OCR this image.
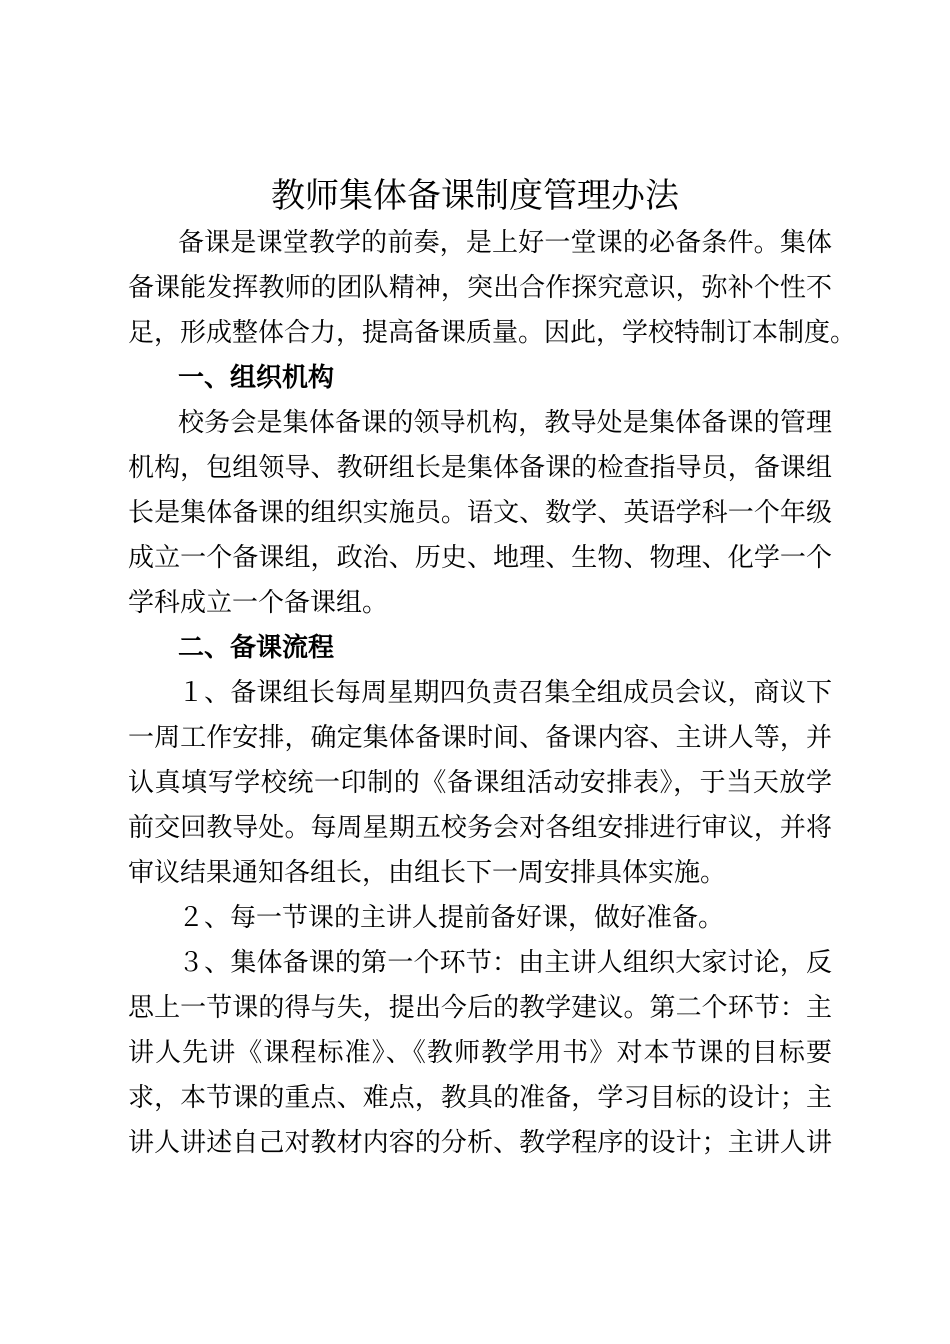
教师集体备课制度管理办法
备课是课堂教学的前奏，是上好一堂课的必备条件。集体
备课能发挥教师的团队精神，突出合作探究意识，弥补个性不
足，形成整体合力，提高备课质量。因此，学校特制订本制度。
一、组织机构
校务会是集体备课的领导机构，教导处是集体备课的管理
机构，包组领导、教研组长是集体备课的检查指导员，备课组
长是集体备课的组织实施员。语文、数学、英语学科一个年级
成立一个备课组，政治、历史、地理、生物、物理、化学一个
学科成立一个备课组。
二、备课流程
１、备课组长每周星期四负责召集全组成员会议，商议下
一周工作安排，确定集体备课时间、备课内容、主讲人等，并
认真填写学校统一印制的《备课组活动安排表》，于当天放学
前交回教导处。每周星期五校务会对各组安排进行审议，并将
审议结果通知各组长，由组长下一周安排具体实施。
２、每一节课的主讲人提前备好课，做好准备。
３、集体备课的第一个环节：由主讲人组织大家讨论，反
思上一节课的得与失，提出今后的教学建议。第二个环节：主
讲人先讲《课程标准》、《教师教学用书》对本节课的目标要
求，本节课的重点、难点，教具的准备，学习目标的设计；主
讲人讲述自己对教材内容的分析、教学程序的设计；主讲人讲
